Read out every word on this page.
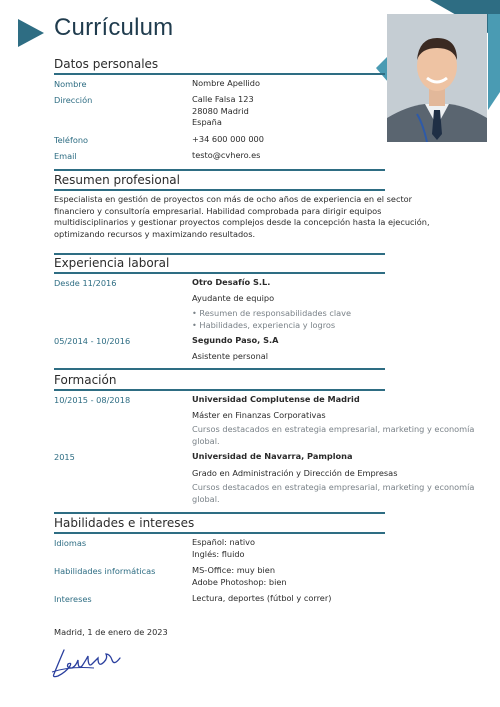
Currículum
Datos personales
Nombre	Nombre Apellido
Dirección	Calle Falsa 123
28080 Madrid
España
Teléfono	+34 600 000 000
Email	testo@cvhero.es
Resumen profesional
Especialista en gestión de proyectos con más de ocho años de experiencia en el sector financiero y consultoría empresarial. Habilidad comprobada para dirigir equipos multidisciplinarios y gestionar proyectos complejos desde la concepción hasta la ejecución, optimizando recursos y maximizando resultados.
Experiencia laboral
Desde 11/2016	Otro Desafío S.L.
Ayudante de equipo
• Resumen de responsabilidades clave
• Habilidades, experiencia y logros
05/2014 - 10/2016	Segundo Paso, S.A
Asistente personal
Formación
10/2015 - 08/2018	Universidad Complutense de Madrid
Máster en Finanzas Corporativas
Cursos destacados en estrategia empresarial, marketing y economía
global.
2015	Universidad de Navarra, Pamplona
Grado en Administración y Dirección de Empresas
Cursos destacados en estrategia empresarial, marketing y economía
global.
Habilidades e intereses
Idiomas	Español: nativo
Inglés: fluido
Habilidades informáticas	MS-Office: muy bien
Adobe Photoshop: bien
Intereses	Lectura, deportes (fútbol y correr)
Madrid, 1 de enero de 2023
